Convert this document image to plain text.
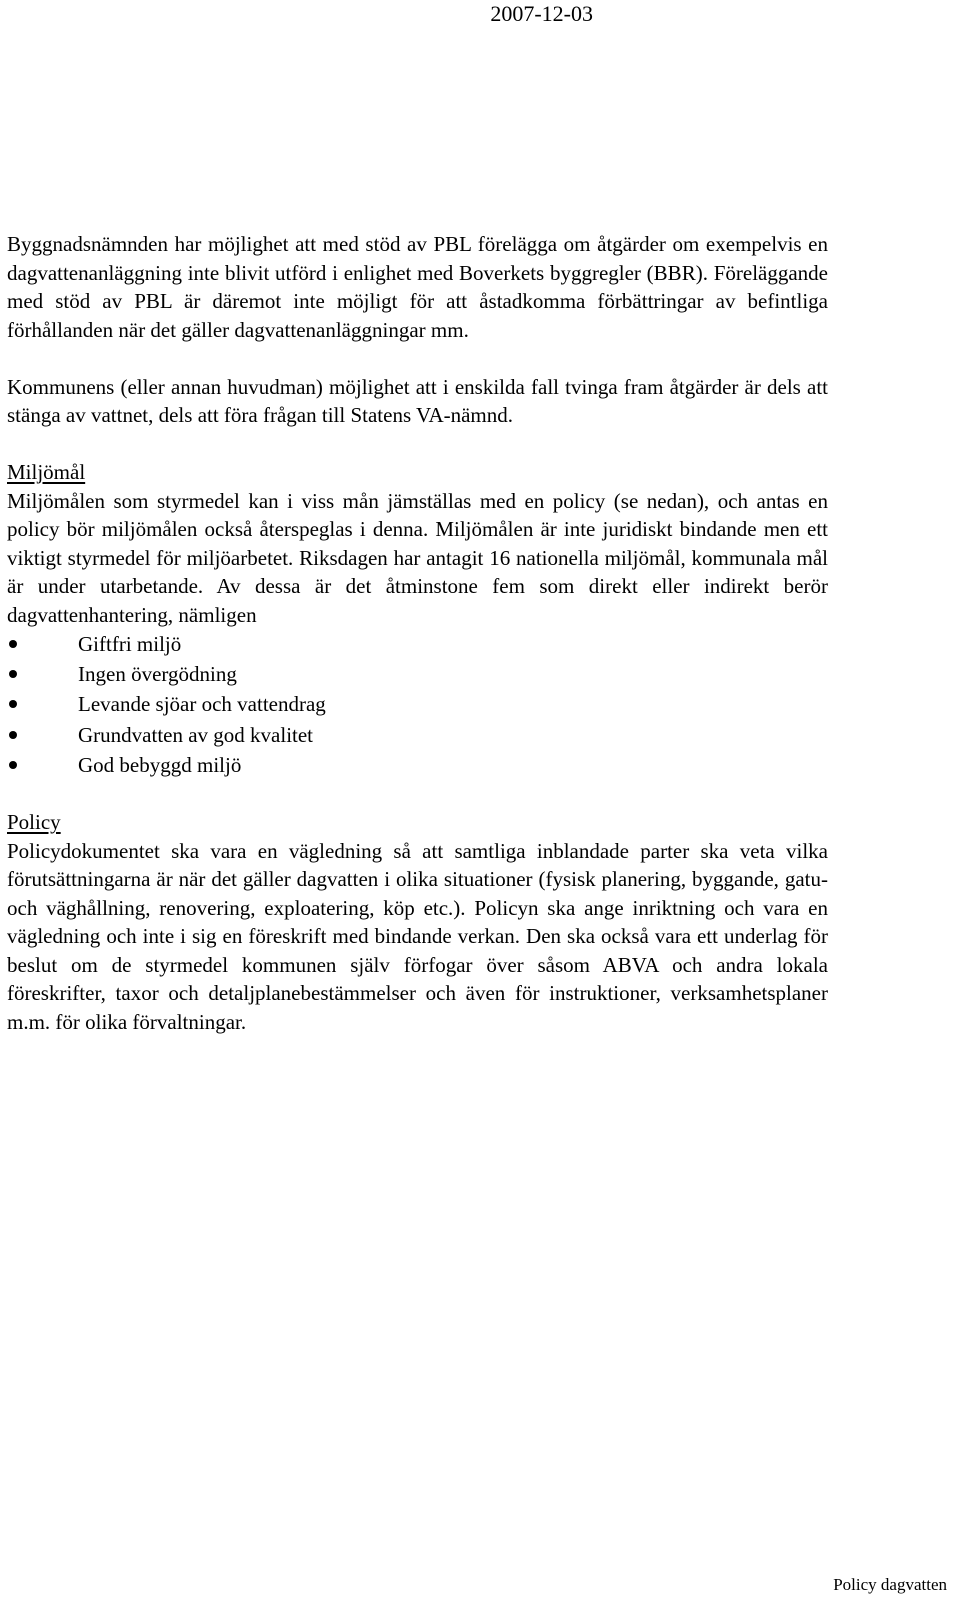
2007-12-03

Byggnadsnämnden har möjlighet att med stöd av PBL förelägga om åtgärder om exempelvis en dagvattenanläggning inte blivit utförd i enlighet med Boverkets byggregler (BBR). Föreläggande med stöd av PBL är däremot inte möjligt för att åstadkomma förbättringar av befintliga förhållanden när det gäller dagvattenanläggningar mm.

Kommunens (eller annan huvudman) möjlighet att i enskilda fall tvinga fram åtgärder är dels att stänga av vattnet, dels att föra frågan till Statens VA-nämnd.

Miljömål

Miljömålen som styrmedel kan i viss mån jämställas med en policy (se nedan), och antas en policy bör miljömålen också återspeglas i denna. Miljömålen är inte juridiskt bindande men ett viktigt styrmedel för miljöarbetet. Riksdagen har antagit 16 nationella miljömål, kommunala mål är under utarbetande. Av dessa är det åtminstone fem som direkt eller indirekt berör dagvattenhantering, nämligen

Giftfri miljö
Ingen övergödning
Levande sjöar och vattendrag
Grundvatten av god kvalitet
God bebyggd miljö

Policy

Policydokumentet ska vara en vägledning så att samtliga inblandade parter ska veta vilka förutsättningarna är när det gäller dagvatten i olika situationer (fysisk planering, byggande, gatu- och väghållning, renovering, exploatering, köp etc.). Policyn ska ange inriktning och vara en vägledning och inte i sig en föreskrift med bindande verkan. Den ska också vara ett underlag för beslut om de styrmedel kommunen själv förfogar över såsom ABVA och andra lokala föreskrifter, taxor och detaljplanebestämmelser och även för instruktioner, verksamhetsplaner m.m. för olika förvaltningar.

Policy dagvatten
